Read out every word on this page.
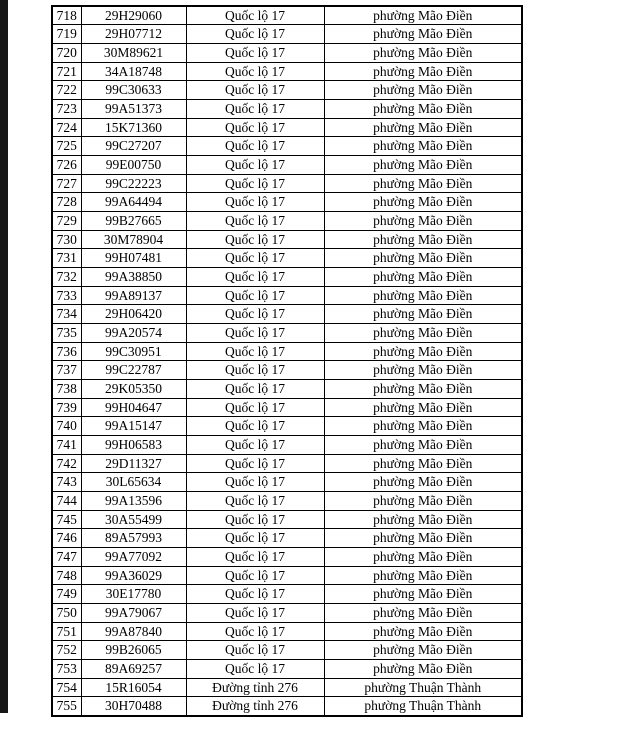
718	29H29060	Quốc lộ 17	phường Mão Điền
719	29H07712	Quốc lộ 17	phường Mão Điền
720	30M89621	Quốc lộ 17	phường Mão Điền
721	34A18748	Quốc lộ 17	phường Mão Điền
722	99C30633	Quốc lộ 17	phường Mão Điền
723	99A51373	Quốc lộ 17	phường Mão Điền
724	15K71360	Quốc lộ 17	phường Mão Điền
725	99C27207	Quốc lộ 17	phường Mão Điền
726	99E00750	Quốc lộ 17	phường Mão Điền
727	99C22223	Quốc lộ 17	phường Mão Điền
728	99A64494	Quốc lộ 17	phường Mão Điền
729	99B27665	Quốc lộ 17	phường Mão Điền
730	30M78904	Quốc lộ 17	phường Mão Điền
731	99H07481	Quốc lộ 17	phường Mão Điền
732	99A38850	Quốc lộ 17	phường Mão Điền
733	99A89137	Quốc lộ 17	phường Mão Điền
734	29H06420	Quốc lộ 17	phường Mão Điền
735	99A20574	Quốc lộ 17	phường Mão Điền
736	99C30951	Quốc lộ 17	phường Mão Điền
737	99C22787	Quốc lộ 17	phường Mão Điền
738	29K05350	Quốc lộ 17	phường Mão Điền
739	99H04647	Quốc lộ 17	phường Mão Điền
740	99A15147	Quốc lộ 17	phường Mão Điền
741	99H06583	Quốc lộ 17	phường Mão Điền
742	29D11327	Quốc lộ 17	phường Mão Điền
743	30L65634	Quốc lộ 17	phường Mão Điền
744	99A13596	Quốc lộ 17	phường Mão Điền
745	30A55499	Quốc lộ 17	phường Mão Điền
746	89A57993	Quốc lộ 17	phường Mão Điền
747	99A77092	Quốc lộ 17	phường Mão Điền
748	99A36029	Quốc lộ 17	phường Mão Điền
749	30E17780	Quốc lộ 17	phường Mão Điền
750	99A79067	Quốc lộ 17	phường Mão Điền
751	99A87840	Quốc lộ 17	phường Mão Điền
752	99B26065	Quốc lộ 17	phường Mão Điền
753	89A69257	Quốc lộ 17	phường Mão Điền
754	15R16054	Đường tỉnh 276	phường Thuận Thành
755	30H70488	Đường tỉnh 276	phường Thuận Thành
